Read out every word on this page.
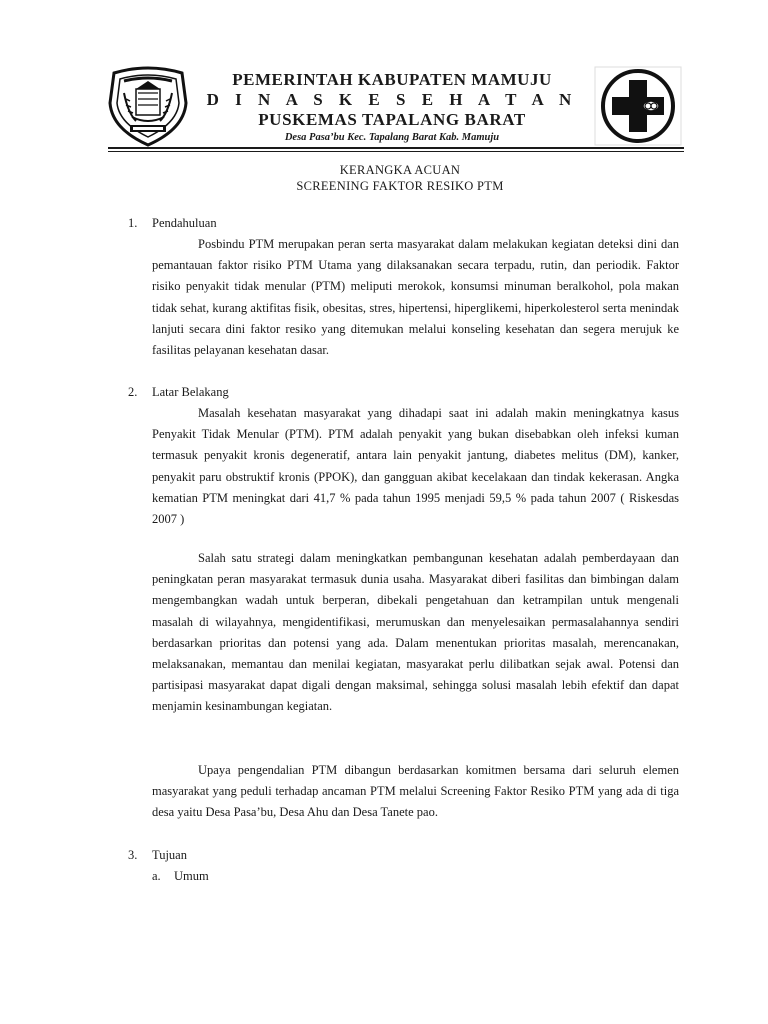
PEMERINTAH KABUPATEN MAMUJU
D I N A S K E S E H A T A N
PUSKEMAS TAPALANG BARAT
Desa Pasa’bu Kec. Tapalang Barat Kab. Mamuju
KERANGKA ACUAN
SCREENING FAKTOR RESIKO PTM
1. Pendahuluan
Posbindu PTM merupakan peran serta masyarakat dalam melakukan kegiatan deteksi dini dan pemantauan faktor risiko PTM Utama yang dilaksanakan secara terpadu, rutin, dan periodik. Faktor risiko penyakit tidak menular (PTM) meliputi merokok, konsumsi minuman beralkohol, pola makan tidak sehat, kurang aktifitas fisik, obesitas, stres, hipertensi, hiperglikemi, hiperkolesterol serta menindak lanjuti secara dini faktor resiko yang ditemukan melalui konseling kesehatan dan segera merujuk ke fasilitas pelayanan kesehatan dasar.
2. Latar Belakang
Masalah kesehatan masyarakat yang dihadapi saat ini adalah makin meningkatnya kasus Penyakit Tidak Menular (PTM). PTM adalah penyakit yang bukan disebabkan oleh infeksi kuman termasuk penyakit kronis degeneratif, antara lain penyakit jantung, diabetes melitus (DM), kanker, penyakit paru obstruktif kronis (PPOK), dan gangguan akibat kecelakaan dan tindak kekerasan. Angka kematian PTM meningkat dari 41,7 % pada tahun 1995 menjadi 59,5 % pada tahun 2007 ( Riskesdas 2007 )
Salah satu strategi dalam meningkatkan pembangunan kesehatan adalah pemberdayaan dan peningkatan peran masyarakat termasuk dunia usaha. Masyarakat diberi fasilitas dan bimbingan dalam mengembangkan wadah untuk berperan, dibekali pengetahuan dan ketrampilan untuk mengenali masalah di wilayahnya, mengidentifikasi, merumuskan dan menyelesaikan permasalahannya sendiri berdasarkan prioritas dan potensi yang ada. Dalam menentukan prioritas masalah, merencanakan, melaksanakan, memantau dan menilai kegiatan, masyarakat perlu dilibatkan sejak awal. Potensi dan partisipasi masyarakat dapat digali dengan maksimal, sehingga solusi masalah lebih efektif dan dapat menjamin kesinambungan kegiatan.
Upaya pengendalian PTM dibangun berdasarkan komitmen bersama dari seluruh elemen masyarakat yang peduli terhadap ancaman PTM melalui Screening Faktor Resiko PTM yang ada di tiga desa yaitu Desa Pasa’bu, Desa Ahu dan Desa Tanete pao.
3. Tujuan
a. Umum
